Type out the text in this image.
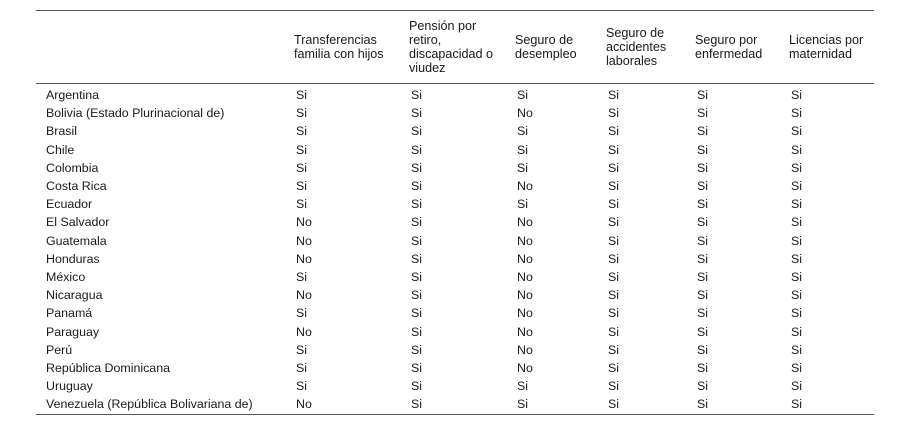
	Transferencias familia con hijos	Pensión por retiro, discapacidad o viudez	Seguro de desempleo	Seguro de accidentes laborales	Seguro por enfermedad	Licencias por maternidad
Argentina	Si	Si	Si	Si	Si	Si
Bolivia (Estado Plurinacional de)	Si	Si	No	Si	Si	Si
Brasil	Si	Si	Si	Si	Si	Si
Chile	Si	Si	Si	Si	Si	Si
Colombia	Si	Si	Si	Si	Si	Si
Costa Rica	Si	Si	No	Si	Si	Si
Ecuador	Si	Si	Si	Si	Si	Si
El Salvador	No	Si	No	Si	Si	Si
Guatemala	No	Si	No	Si	Si	Si
Honduras	No	Si	No	Si	Si	Si
México	Si	Si	No	Si	Si	Si
Nicaragua	No	Si	No	Si	Si	Si
Panamá	Si	Si	No	Si	Si	Si
Paraguay	No	Si	No	Si	Si	Si
Perú	Si	Si	No	Si	Si	Si
República Dominicana	Si	Si	No	Si	Si	Si
Uruguay	Si	Si	Si	Si	Si	Si
Venezuela (República Bolivariana de)	No	Si	Si	Si	Si	Si
